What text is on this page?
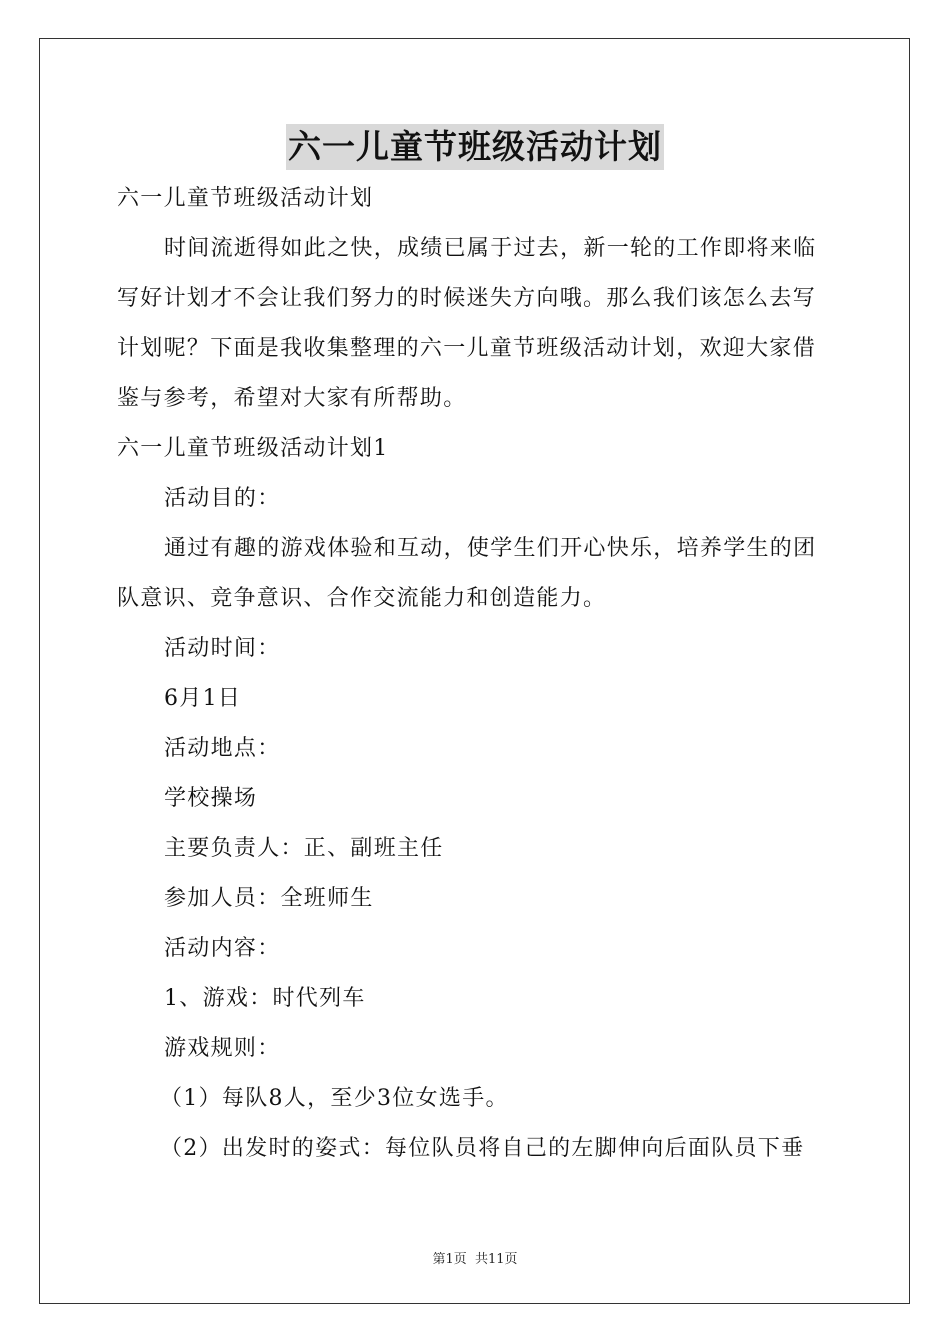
六一儿童节班级活动计划
六一儿童节班级活动计划
时间流逝得如此之快，成绩已属于过去，新一轮的工作即将来临
写好计划才不会让我们努力的时候迷失方向哦。那么我们该怎么去写
计划呢？下面是我收集整理的六一儿童节班级活动计划，欢迎大家借
鉴与参考，希望对大家有所帮助。
六一儿童节班级活动计划1
活动目的：
通过有趣的游戏体验和互动，使学生们开心快乐，培养学生的团
队意识、竞争意识、合作交流能力和创造能力。
活动时间：
6月1日
活动地点：
学校操场
主要负责人：正、副班主任
参加人员：全班师生
活动内容：
1、游戏：时代列车
游戏规则：
（1）每队8人，至少3位女选手。
（2）出发时的姿式：每位队员将自己的左脚伸向后面队员下垂
第1页 共11页
